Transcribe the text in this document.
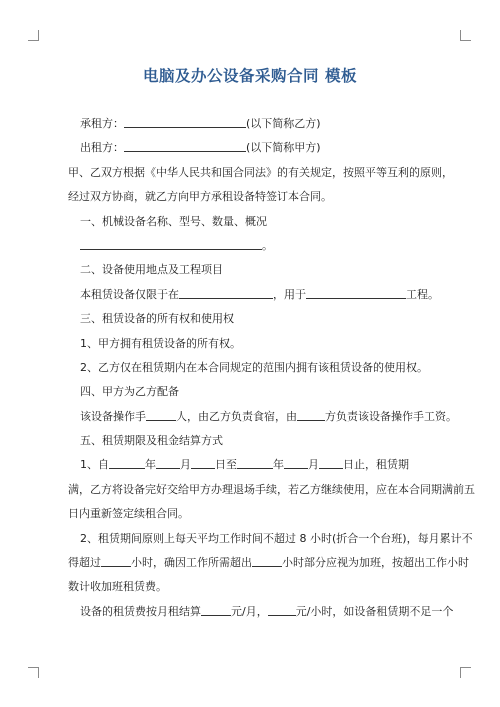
电脑及办公设备采购合同 模板
承租方：	(以下简称乙方)
出租方：	(以下简称甲方)
甲、乙双方根据《中华人民共和国合同法》的有关规定，按照平等互利的原则，
经过双方协商，就乙方向甲方承租设备特签订本合同。
一、机械设备名称、型号、数量、概况
。
二、设备使用地点及工程项目
本租赁设备仅限于在	，用于	工程。
三、租赁设备的所有权和使用权
1、甲方拥有租赁设备的所有权。
2、乙方仅在租赁期内在本合同规定的范围内拥有该租赁设备的使用权。
四、甲方为乙方配备
该设备操作手	人，由乙方负责食宿，由	方负责该设备操作手工资。
五、租赁期限及租金结算方式
1、自	年 月 日至	年 月 日止，租赁期
满，乙方将设备完好交给甲方办理退场手续，若乙方继续使用，应在本合同期满前五
日内重新签定续租合同。
2、租赁期间原则上每天平均工作时间不超过 8 小时(折合一个台班)，每月累计不
得超过	小时，确因工作所需超出	小时部分应视为加班，按超出工作小时
数计收加班租赁费。
设备的租赁费按月租结算	元/月，	元/小时，如设备租赁期不足一个
